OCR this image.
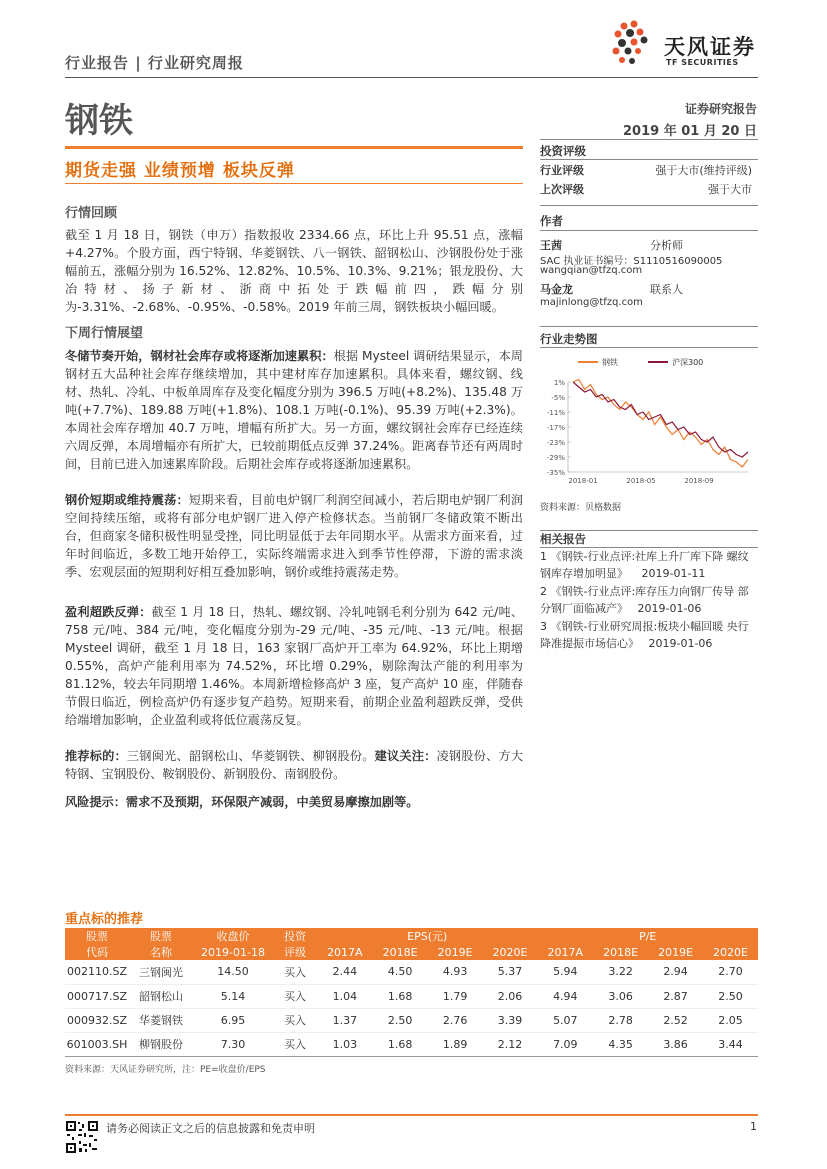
行业报告 | 行业研究周报
天风证券
TF SECURITIES
钢铁	证券研究报告
2019 年 01 月 20 日
期货走强 业绩预增 板块反弹
行情回顾
截至 1 月 18 日，钢铁（申万）指数报收 2334.66 点，环比上升 95.51 点，涨幅+4.27%。个股方面，西宁特钢、华菱钢铁、八一钢铁、韶钢松山、沙钢股份处于涨幅前五，涨幅分别为 16.52%、12.82%、10.5%、10.3%、9.21%；银龙股份、大冶特材、扬子新材、浙商中拓处于跌幅前四，跌幅分别为-3.31%、-2.68%、-0.95%、-0.58%。2019 年前三周，钢铁板块小幅回暖。
下周行情展望
冬储节奏开始，钢材社会库存或将逐渐加速累积：根据 Mysteel 调研结果显示，本周钢材五大品种社会库存继续增加，其中建材库存加速累积。具体来看，螺纹钢、线材、热轧、冷轧、中板单周库存及变化幅度分别为 396.5 万吨(+8.2%)、135.48 万吨(+7.7%)、189.88 万吨(+1.8%)、108.1 万吨(-0.1%)、95.39 万吨(+2.3%)。本周社会库存增加 40.7 万吨，增幅有所扩大。另一方面，螺纹钢社会库存已经连续六周反弹，本周增幅亦有所扩大，已较前期低点反弹 37.24%。距离春节还有两周时间，目前已进入加速累库阶段。后期社会库存或将逐渐加速累积。
钢价短期或维持震荡：短期来看，目前电炉钢厂利润空间减小，若后期电炉钢厂利润空间持续压缩，或将有部分电炉钢厂进入停产检修状态。当前钢厂冬储政策不断出台，但商家冬储积极性明显受挫，同比明显低于去年同期水平。从需求方面来看，过年时间临近，多数工地开始停工，实际终端需求进入到季节性停滞，下游的需求淡季、宏观层面的短期利好相互叠加影响，钢价或维持震荡走势。
盈利超跌反弹：截至 1 月 18 日，热轧、螺纹钢、冷轧吨钢毛利分别为 642 元/吨、758 元/吨、384 元/吨，变化幅度分别为-29 元/吨、-35 元/吨、-13 元/吨。根据 Mysteel 调研，截至 1 月 18 日，163 家钢厂高炉开工率为 64.92%，环比上期增 0.55%，高炉产能利用率为 74.52%，环比增 0.29%，剔除淘汰产能的利用率为 81.12%，较去年同期增 1.46%。本周新增检修高炉 3 座，复产高炉 10 座，伴随春节假日临近，例检高炉仍有逐步复产趋势。短期来看，前期企业盈利超跌反弹，受供给端增加影响，企业盈利或将低位震荡反复。
推荐标的：三钢闽光、韶钢松山、华菱钢铁、柳钢股份。建议关注：凌钢股份、方大特钢、宝钢股份、鞍钢股份、新钢股份、南钢股份。
风险提示：需求不及预期，环保限产减弱，中美贸易摩擦加剧等。
投资评级
行业评级	强于大市(维持评级)
上次评级	强于大市
作者
王茜	分析师
SAC 执业证书编号：S1110516090005
wangqian@tfzq.com
马金龙	联系人
majinlong@tfzq.com
行业走势图
钢铁	沪深300
1%
-5%
-11%
-17%
-23%
-29%
-35%
2018-01	2018-05	2018-09
资料来源：贝格数据
相关报告
1 《钢铁-行业点评:社库上升厂库下降 螺纹钢库存增加明显》 2019-01-11
2 《钢铁-行业点评:库存压力向钢厂传导 部分钢厂面临减产》 2019-01-06
3 《钢铁-行业研究周报:板块小幅回暖 央行降准提振市场信心》 2019-01-06
重点标的推荐
股票	股票	收盘价	投资	EPS(元)				P/E			
代码	名称	2019-01-18	评级	2017A	2018E	2019E	2020E	2017A	2018E	2019E	2020E
002110.SZ	三钢闽光	14.50	买入	2.44	4.50	4.93	5.37	5.94	3.22	2.94	2.70
000717.SZ	韶钢松山	5.14	买入	1.04	1.68	1.79	2.06	4.94	3.06	2.87	2.50
000932.SZ	华菱钢铁	6.95	买入	1.37	2.50	2.76	3.39	5.07	2.78	2.52	2.05
601003.SH	柳钢股份	7.30	买入	1.03	1.68	1.89	2.12	7.09	4.35	3.86	3.44
资料来源：天风证券研究所，注：PE=收盘价/EPS
请务必阅读正文之后的信息披露和免责申明	1
